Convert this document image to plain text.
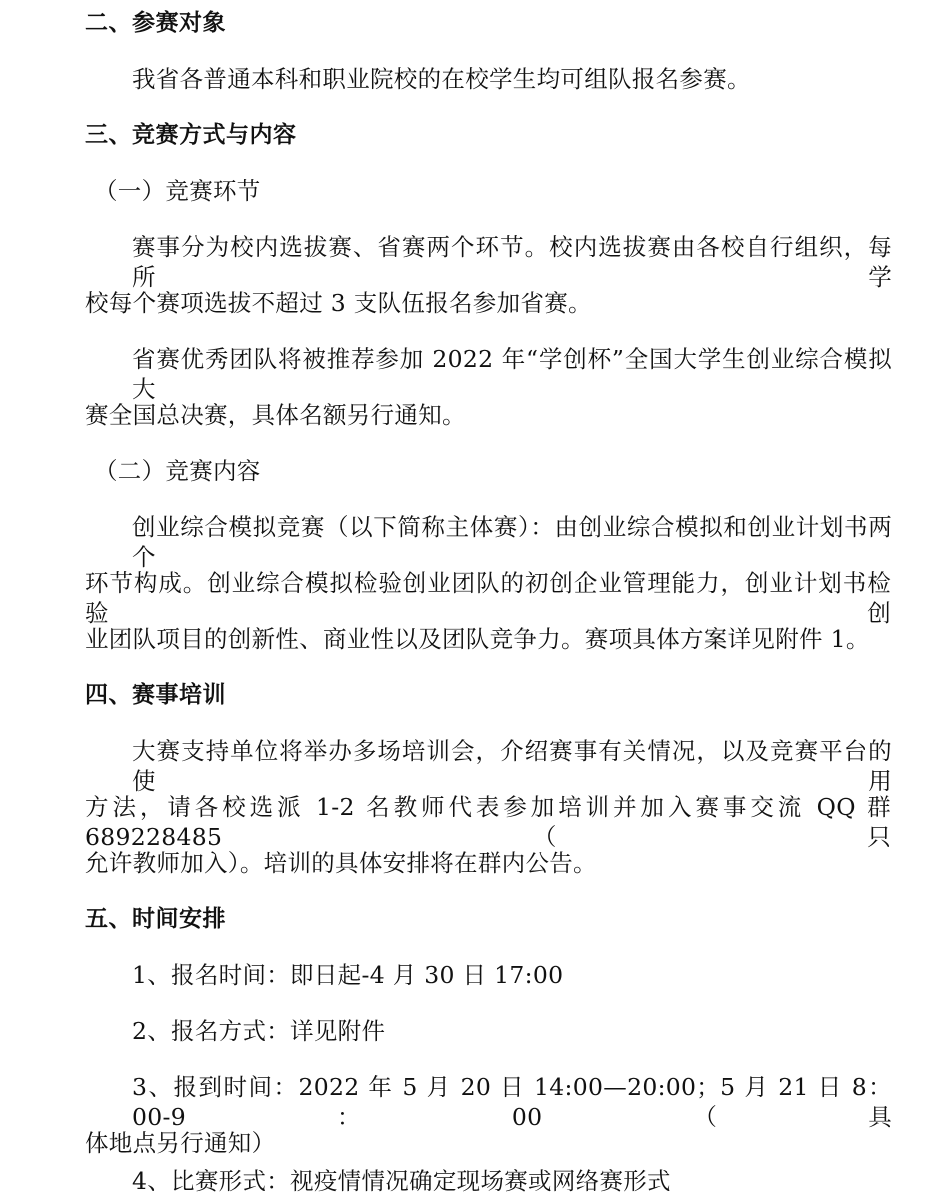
二、参赛对象
我省各普通本科和职业院校的在校学生均可组队报名参赛。
三、竞赛方式与内容
（一）竞赛环节
赛事分为校内选拔赛、省赛两个环节。校内选拔赛由各校自行组织，每所学
校每个赛项选拔不超过 3 支队伍报名参加省赛。
省赛优秀团队将被推荐参加 2022 年“学创杯”全国大学生创业综合模拟大
赛全国总决赛，具体名额另行通知。
（二）竞赛内容
创业综合模拟竞赛（以下简称主体赛）：由创业综合模拟和创业计划书两个
环节构成。创业综合模拟检验创业团队的初创企业管理能力，创业计划书检验创
业团队项目的创新性、商业性以及团队竞争力。赛项具体方案详见附件 1。
四、赛事培训
大赛支持单位将举办多场培训会，介绍赛事有关情况，以及竞赛平台的使用
方法，请各校选派 1-2 名教师代表参加培训并加入赛事交流 QQ 群 689228485（只
允许教师加入）。培训的具体安排将在群内公告。
五、时间安排
1、报名时间：即日起-4 月 30 日 17:00
2、报名方式：详见附件
3、报到时间：2022 年 5 月 20 日 14:00—20:00；5 月 21 日 8：00-9：00（具
体地点另行通知）
4、比赛形式：视疫情情况确定现场赛或网络赛形式
